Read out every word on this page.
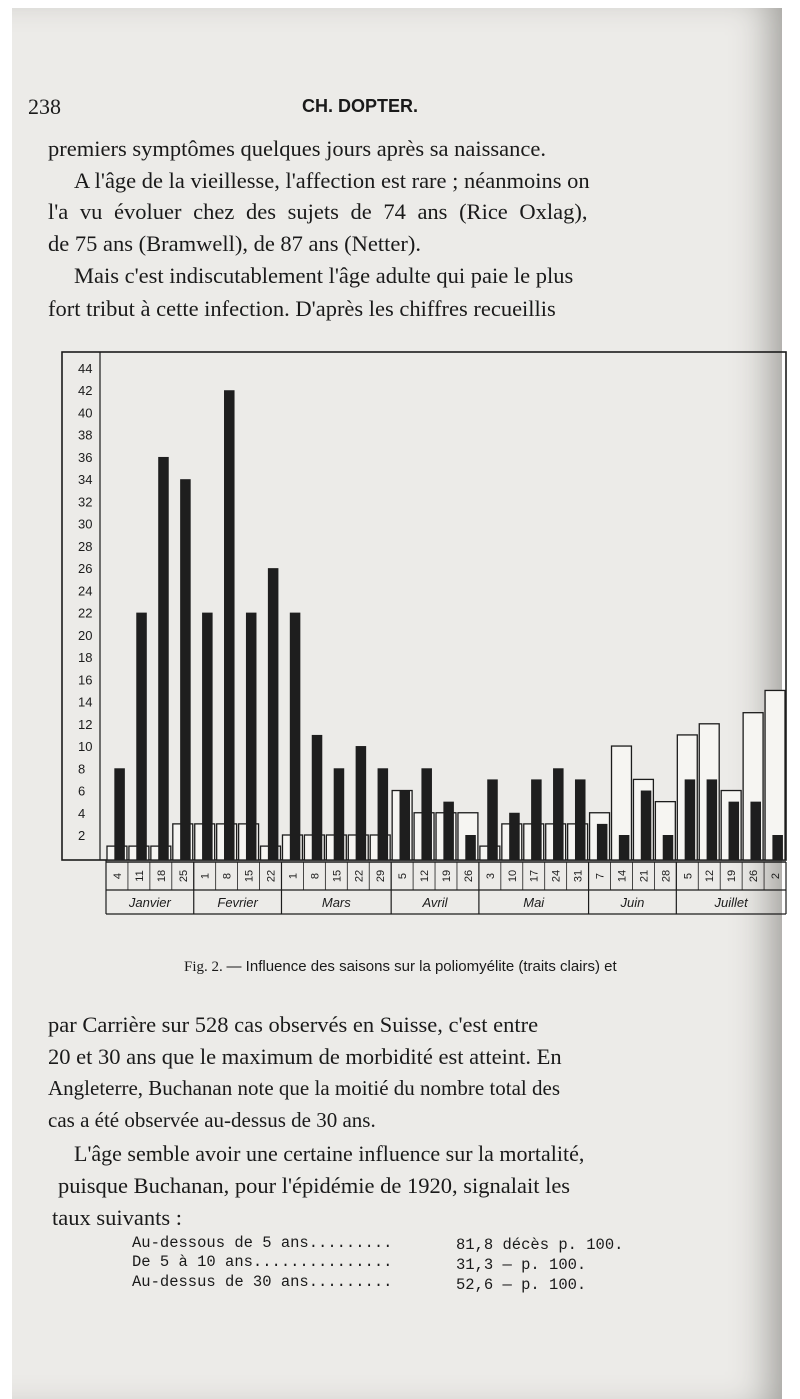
238	CH. DOPTER.
premiers symptômes quelques jours après sa naissance.
A l'âge de la vieillesse, l'affection est rare ; néanmoins on
l'a vu évoluer chez des sujets de 74 ans (Rice Oxlag),
de 75 ans (Bramwell), de 87 ans (Netter).
Mais c'est indiscutablement l'âge adulte qui paie le plus
fort tribut à cette infection. D'après les chiffres recueillis
44
42
40
38
36
34
32
30
28
26
24
22
20
18
16
14
12
10
8
6
4
2
4 11 18 25 1 8 15 22 1 8 15 22 29 5 12 19 26 3 10 17 24 31 7 14 21 28 5 12 19 26 2
Janvier	Fevrier	Mars	Avril	Mai	Juin	Juillet
Fig. 2. — Influence des saisons sur la poliomyélite (traits clairs) et
par Carrière sur 528 cas observés en Suisse, c'est entre
20 et 30 ans que le maximum de morbidité est atteint. En
Angleterre, Buchanan note que la moitié du nombre total des
cas a été observée au-dessus de 30 ans.
L'âge semble avoir une certaine influence sur la mortalité,
puisque Buchanan, pour l'épidémie de 1920, signalait les
taux suivants :
Au-dessous de 5 ans.........	81,8 décès p. 100.
De 5 à 10 ans...............	31,3 — p. 100.
Au-dessus de 30 ans.........	52,6 — p. 100.
